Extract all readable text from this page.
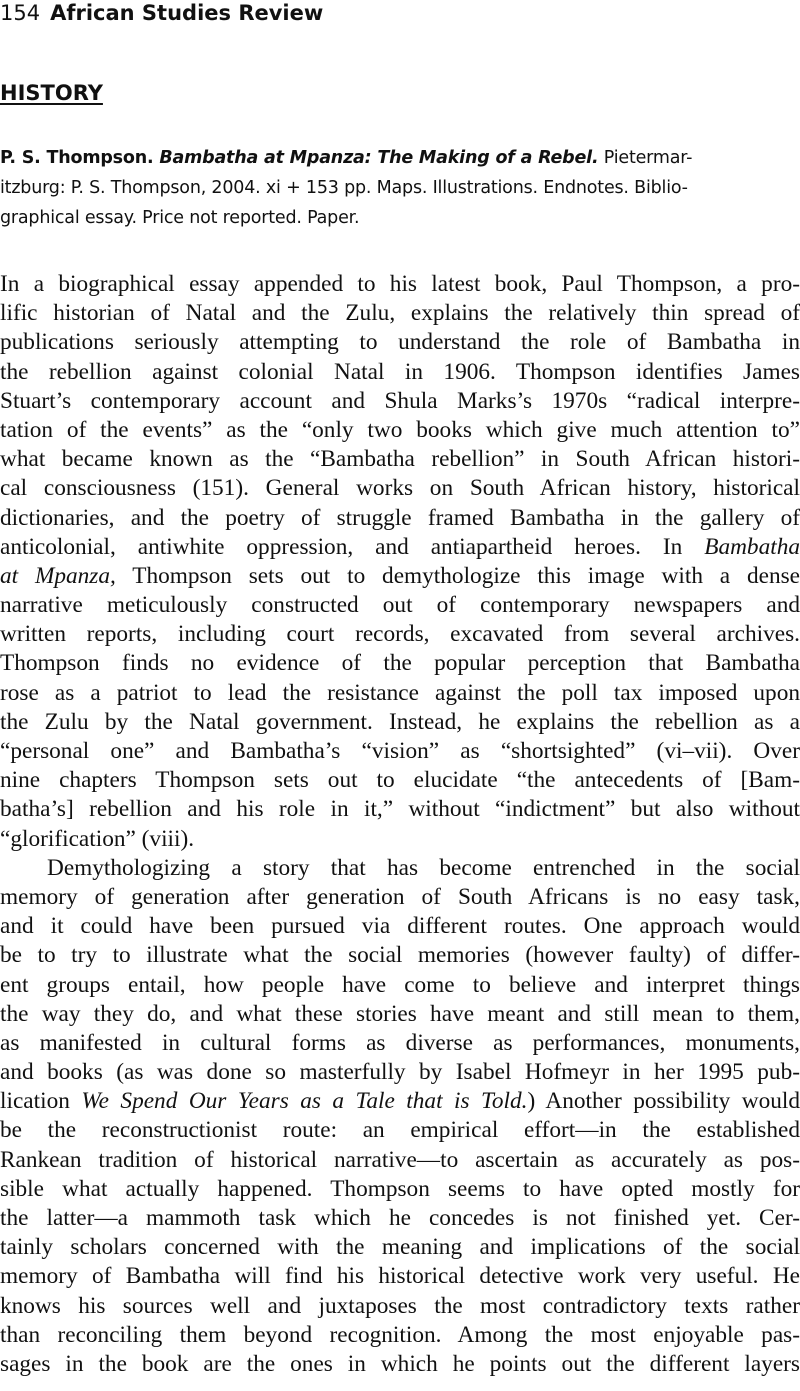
154 African Studies Review
HISTORY
P. S. Thompson. Bambatha at Mpanza: The Making of a Rebel. Pietermar-
itzburg: P. S. Thompson, 2004. xi + 153 pp. Maps. Illustrations. Endnotes. Biblio-
graphical essay. Price not reported. Paper.
In a biographical essay appended to his latest book, Paul Thompson, a pro-
lific historian of Natal and the Zulu, explains the relatively thin spread of
publications seriously attempting to understand the role of Bambatha in
the rebellion against colonial Natal in 1906. Thompson identifies James
Stuart’s contemporary account and Shula Marks’s 1970s “radical interpre-
tation of the events” as the “only two books which give much attention to”
what became known as the “Bambatha rebellion” in South African histori-
cal consciousness (151). General works on South African history, historical
dictionaries, and the poetry of struggle framed Bambatha in the gallery of
anticolonial, antiwhite oppression, and antiapartheid heroes. In Bambatha
at Mpanza, Thompson sets out to demythologize this image with a dense
narrative meticulously constructed out of contemporary newspapers and
written reports, including court records, excavated from several archives.
Thompson finds no evidence of the popular perception that Bambatha
rose as a patriot to lead the resistance against the poll tax imposed upon
the Zulu by the Natal government. Instead, he explains the rebellion as a
“personal one” and Bambatha’s “vision” as “shortsighted” (vi–vii). Over
nine chapters Thompson sets out to elucidate “the antecedents of [Bam-
batha’s] rebellion and his role in it,” without “indictment” but also without
“glorification” (viii).
Demythologizing a story that has become entrenched in the social
memory of generation after generation of South Africans is no easy task,
and it could have been pursued via different routes. One approach would
be to try to illustrate what the social memories (however faulty) of differ-
ent groups entail, how people have come to believe and interpret things
the way they do, and what these stories have meant and still mean to them,
as manifested in cultural forms as diverse as performances, monuments,
and books (as was done so masterfully by Isabel Hofmeyr in her 1995 pub-
lication We Spend Our Years as a Tale that is Told.) Another possibility would
be the reconstructionist route: an empirical effort—in the established
Rankean tradition of historical narrative—to ascertain as accurately as pos-
sible what actually happened. Thompson seems to have opted mostly for
the latter—a mammoth task which he concedes is not finished yet. Cer-
tainly scholars concerned with the meaning and implications of the social
memory of Bambatha will find his historical detective work very useful. He
knows his sources well and juxtaposes the most contradictory texts rather
than reconciling them beyond recognition. Among the most enjoyable pas-
sages in the book are the ones in which he points out the different layers
